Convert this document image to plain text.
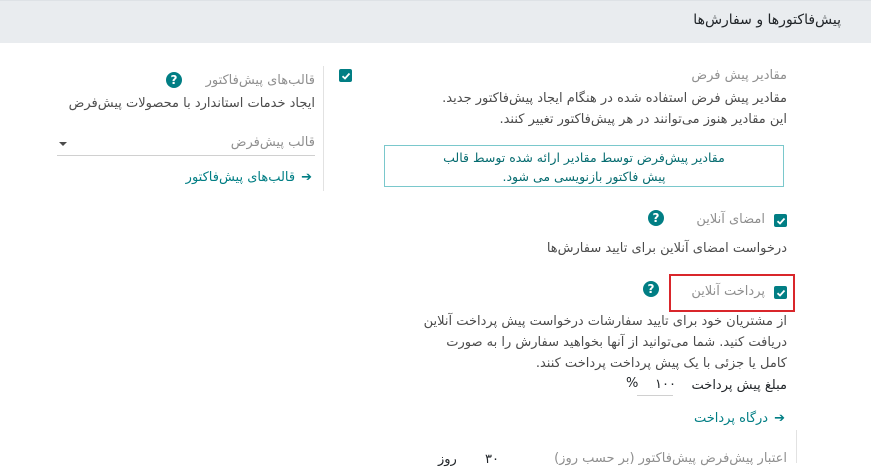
پیش‌فاکتورها و سفارش‌ها
?	قالب‌های پیش‌فاکتور
ایجاد خدمات استاندارد با محصولات پیش‌فرض
قالب پیش‌فرض
➔
قالب‌های پیش‌فاکتور
مقادیر پیش فرض
مقادیر پیش فرض استفاده شده در هنگام ایجاد پیش‌فاکتور جدید.
این مقادیر هنوز می‌توانند در هر پیش‌فاکتور تغییر کنند.
مقادیر پیش‌فرض توسط مقادیر ارائه شده توسط قالب
پیش فاکتور بازنویسی می شود.
امضای آنلاین
?
درخواست امضای آنلاین برای تایید سفارش‌ها
پرداخت آنلاین
?
از مشتریان خود برای تایید سفارشات درخواست پیش پرداخت آنلاین
دریافت کنید. شما می‌توانید از آنها بخواهید سفارش را به صورت
کامل یا جزئی با یک پیش پرداخت پرداخت کنند.
مبلغ پیش پرداخت
۱۰۰
%
➔
درگاه پرداخت
اعتبار پیش‌فرض پیش‌فاکتور (بر حسب روز)
۳۰
روز
